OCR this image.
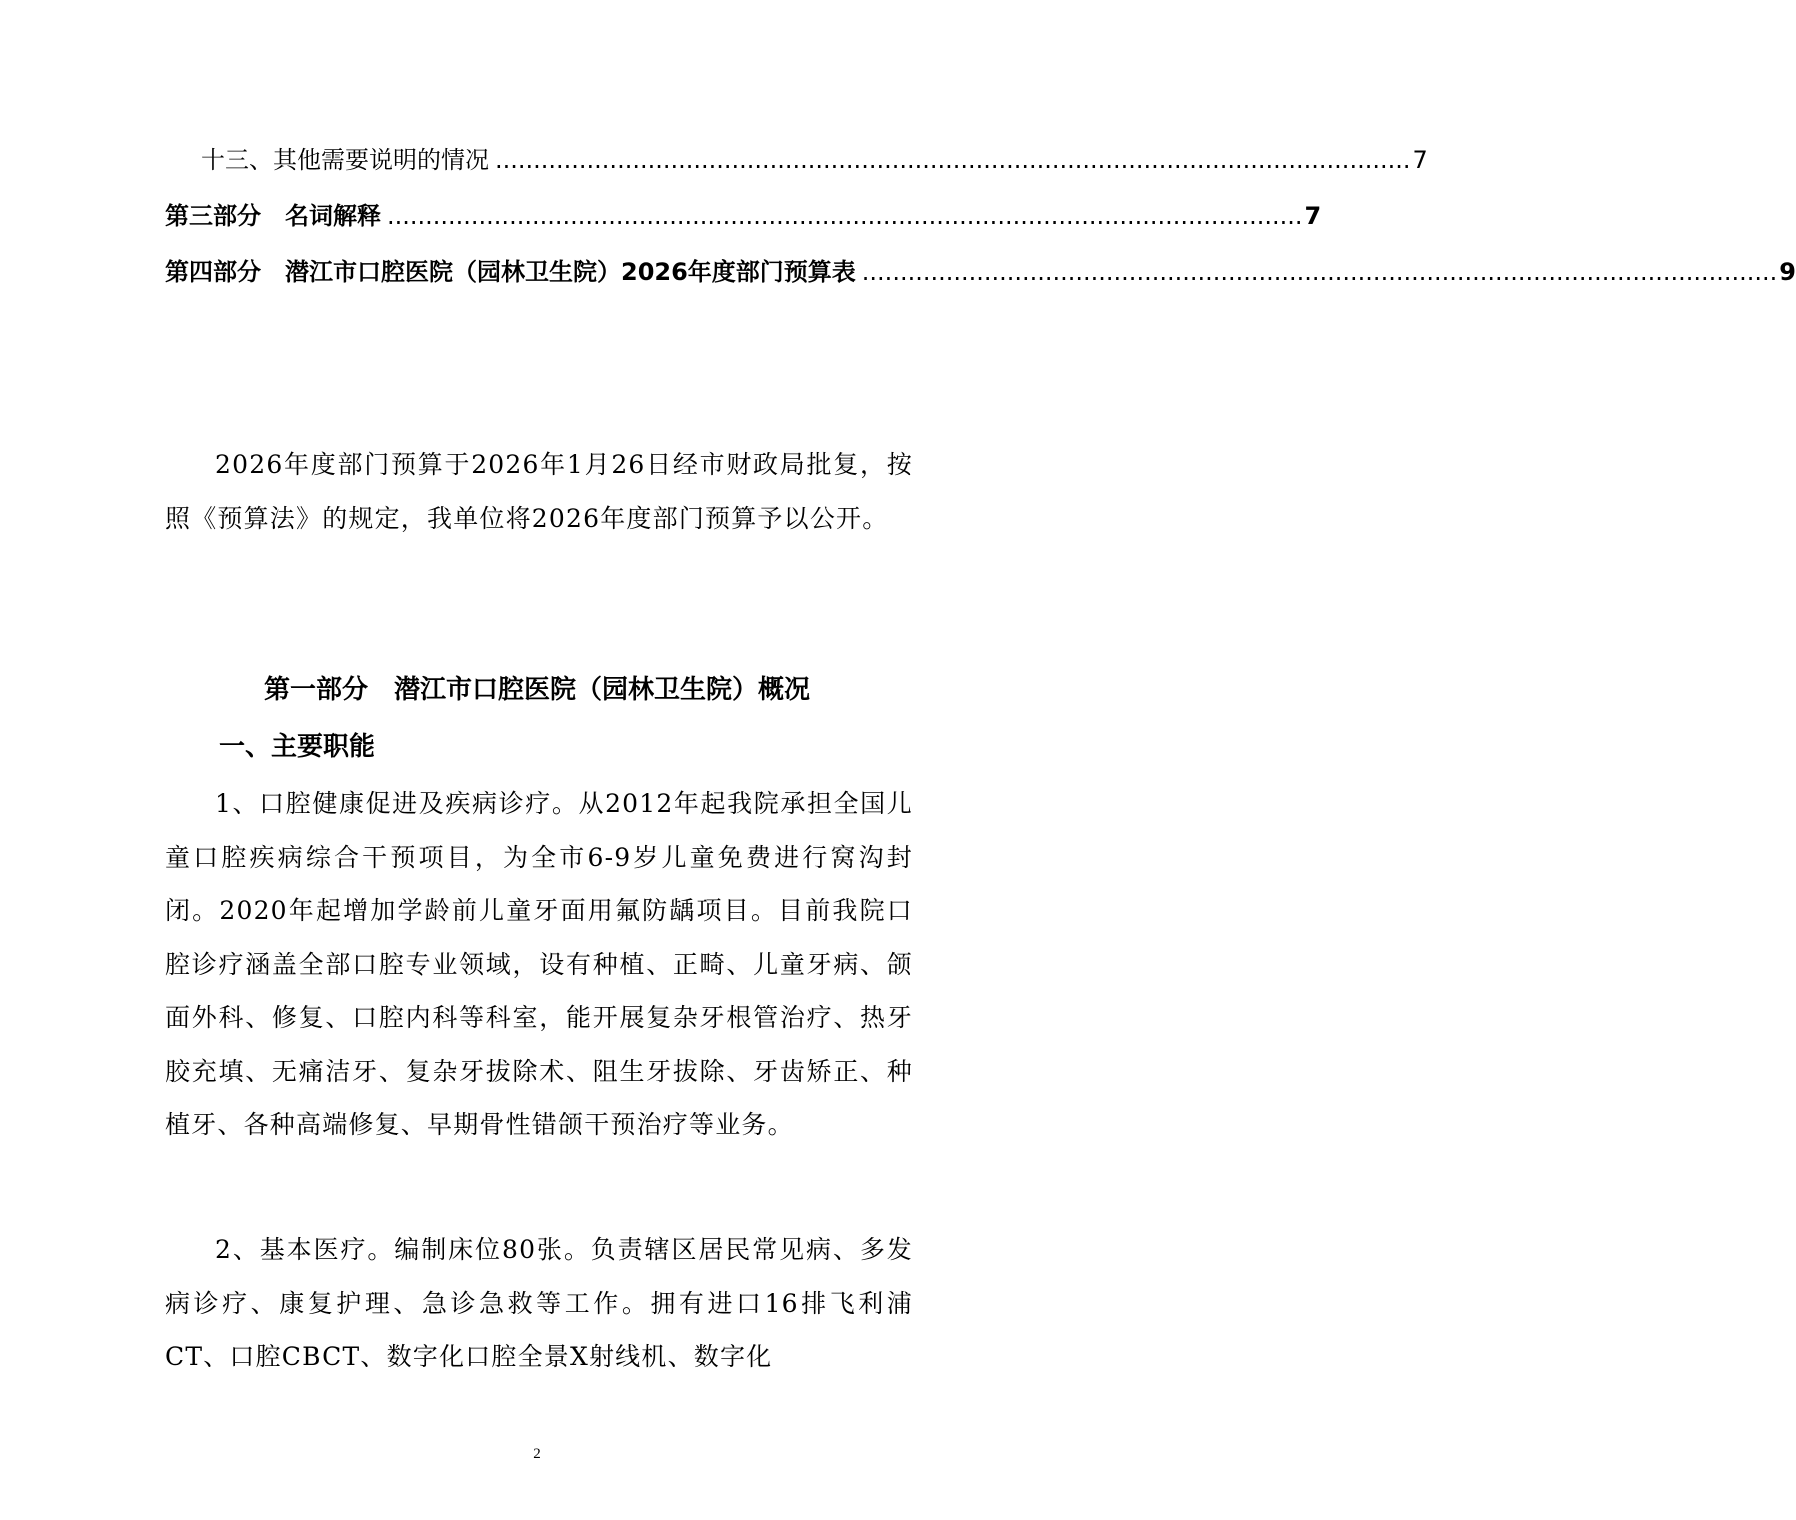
十三、其他需要说明的情况 ........................................................................................................................ 7
第三部分　名词解释 ........................................................................................................................ 7
第四部分　潜江市口腔医院（园林卫生院）2026年度部门预算表 ........................................................................................................................ 9

2026年度部门预算于2026年1月26日经市财政局批复，按照《预算法》的规定，我单位将2026年度部门预算予以公开。

第一部分　潜江市口腔医院（园林卫生院）概况
一、主要职能

1、口腔健康促进及疾病诊疗。从2012年起我院承担全国儿童口腔疾病综合干预项目，为全市6-9岁儿童免费进行窝沟封闭。2020年起增加学龄前儿童牙面用氟防龋项目。目前我院口腔诊疗涵盖全部口腔专业领域，设有种植、正畸、儿童牙病、颌面外科、修复、口腔内科等科室，能开展复杂牙根管治疗、热牙胶充填、无痛洁牙、复杂牙拔除术、阻生牙拔除、牙齿矫正、种植牙、各种高端修复、早期骨性错颌干预治疗等业务。

2、基本医疗。编制床位80张。负责辖区居民常见病、多发病诊疗、康复护理、急诊急救等工作。拥有进口16排飞利浦CT、口腔CBCT、数字化口腔全景X射线机、数字化

2
